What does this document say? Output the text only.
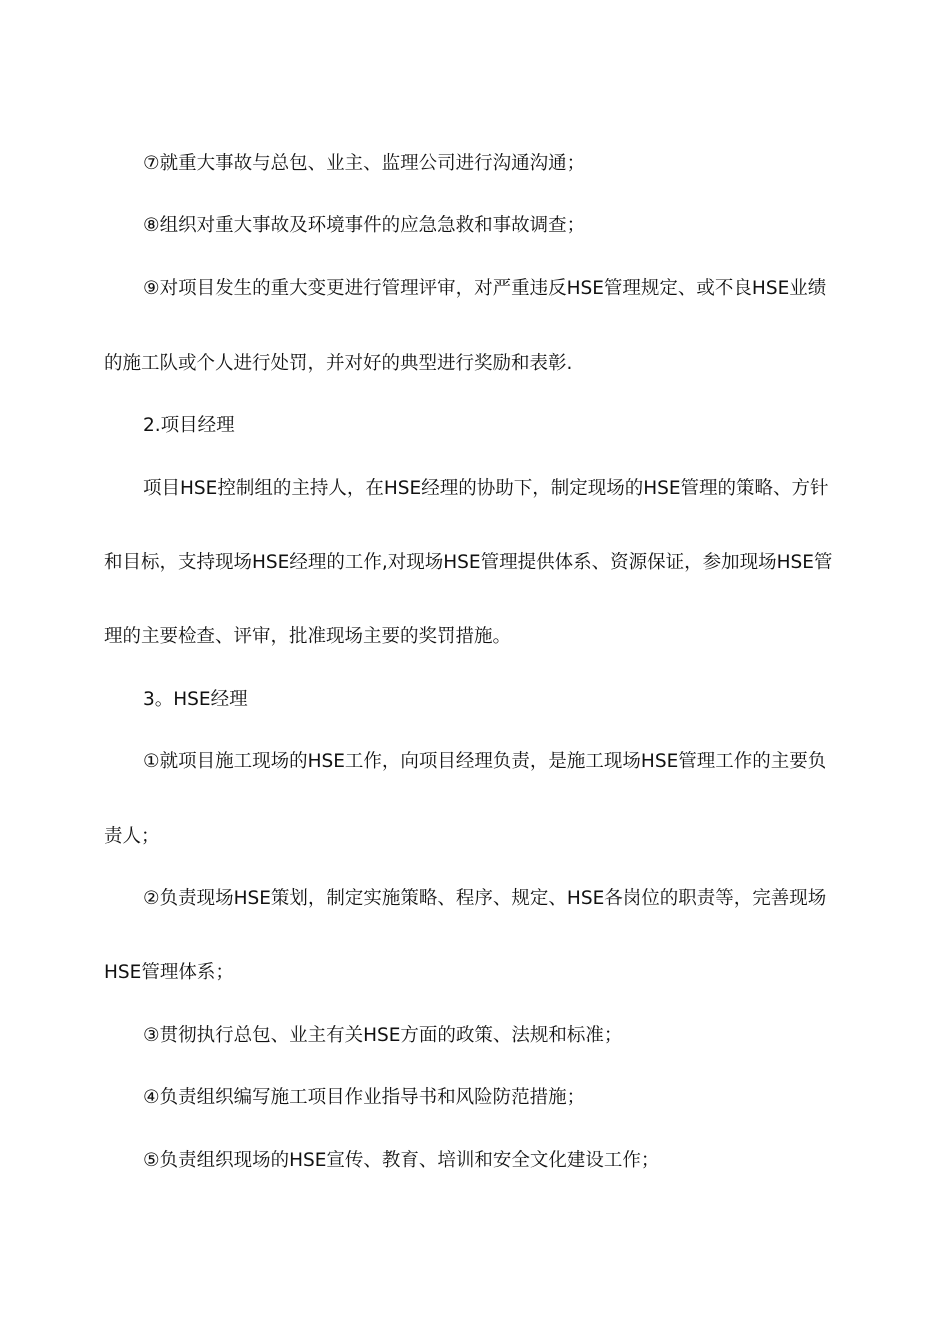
⑦就重大事故与总包、业主、监理公司进行沟通沟通；
⑧组织对重大事故及环境事件的应急急救和事故调查；
⑨对项目发生的重大变更进行管理评审，对严重违反HSE管理规定、或不良HSE业绩
的施工队或个人进行处罚，并对好的典型进行奖励和表彰.
2.项目经理
项目HSE控制组的主持人，在HSE经理的协助下，制定现场的HSE管理的策略、方针
和目标，支持现场HSE经理的工作,对现场HSE管理提供体系、资源保证，参加现场HSE管
理的主要检查、评审，批准现场主要的奖罚措施。
3。HSE经理
①就项目施工现场的HSE工作，向项目经理负责，是施工现场HSE管理工作的主要负
责人；
②负责现场HSE策划，制定实施策略、程序、规定、HSE各岗位的职责等，完善现场
HSE管理体系；
③贯彻执行总包、业主有关HSE方面的政策、法规和标准；
④负责组织编写施工项目作业指导书和风险防范措施；
⑤负责组织现场的HSE宣传、教育、培训和安全文化建设工作；
